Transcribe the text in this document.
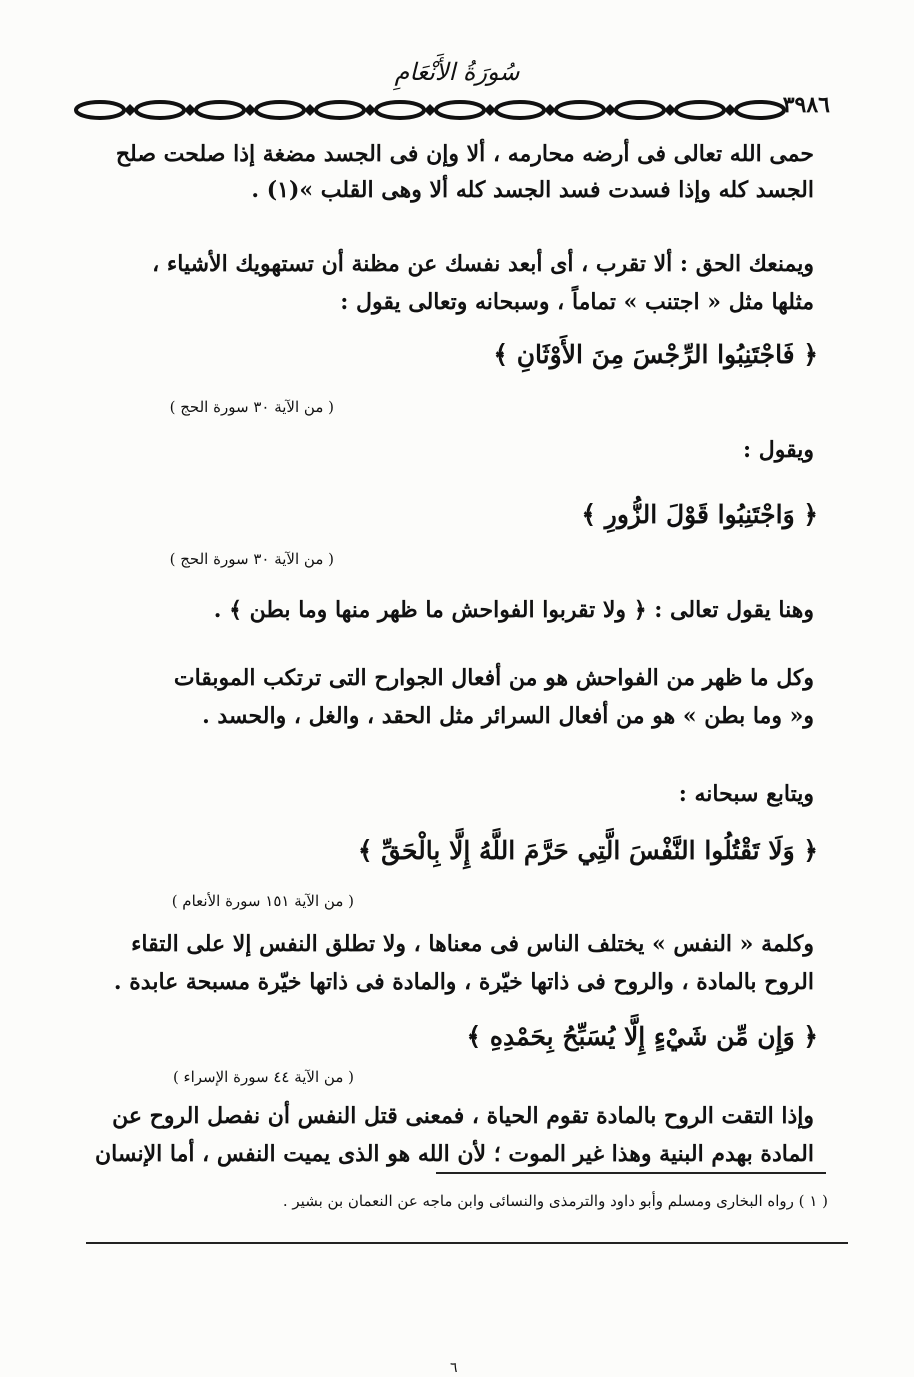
سُورَةُ الأَنْعَامِ
٣٩٨٦
حمى الله تعالى فى أرضه محارمه ، ألا وإن فى الجسد مضغة إذا صلحت صلح
الجسد كله وإذا فسدت فسد الجسد كله ألا وهى القلب »(١) .
ويمنعك الحق : ألا تقرب ، أى أبعد نفسك عن مظنة أن تستهويك الأشياء ،
مثلها مثل « اجتنب » تماماً ، وسبحانه وتعالى يقول :
﴿ فَاجْتَنِبُوا الرِّجْسَ مِنَ الأَوْثَانِ ﴾
( من الآية ٣٠ سورة الحج )
ويقول :
﴿ وَاجْتَنِبُوا قَوْلَ الزُّورِ ﴾
( من الآية ٣٠ سورة الحج )
وهنا يقول تعالى : ﴿ ولا تقربوا الفواحش ما ظهر منها وما بطن ﴾ .
وكل ما ظهر من الفواحش هو من أفعال الجوارح التى ترتكب الموبقات
و« وما بطن » هو من أفعال السرائر مثل الحقد ، والغل ، والحسد .
ويتابع سبحانه :
﴿ وَلَا تَقْتُلُوا النَّفْسَ الَّتِي حَرَّمَ اللَّهُ إِلَّا بِالْحَقِّ ﴾
( من الآية ١٥١ سورة الأنعام )
وكلمة « النفس » يختلف الناس فى معناها ، ولا تطلق النفس إلا على التقاء
الروح بالمادة ، والروح فى ذاتها خيّرة ، والمادة فى ذاتها خيّرة مسبحة عابدة .
﴿ وَإِن مِّن شَيْءٍ إِلَّا يُسَبِّحُ بِحَمْدِهِ ﴾
( من الآية ٤٤ سورة الإسراء )
وإذا التقت الروح بالمادة تقوم الحياة ، فمعنى قتل النفس أن نفصل الروح عن
المادة بهدم البنية وهذا غير الموت ؛ لأن الله هو الذى يميت النفس ، أما الإنسان
( ١ ) رواه البخارى ومسلم وأبو داود والترمذى والنسائى وابن ماجه عن النعمان بن بشير .
٦
